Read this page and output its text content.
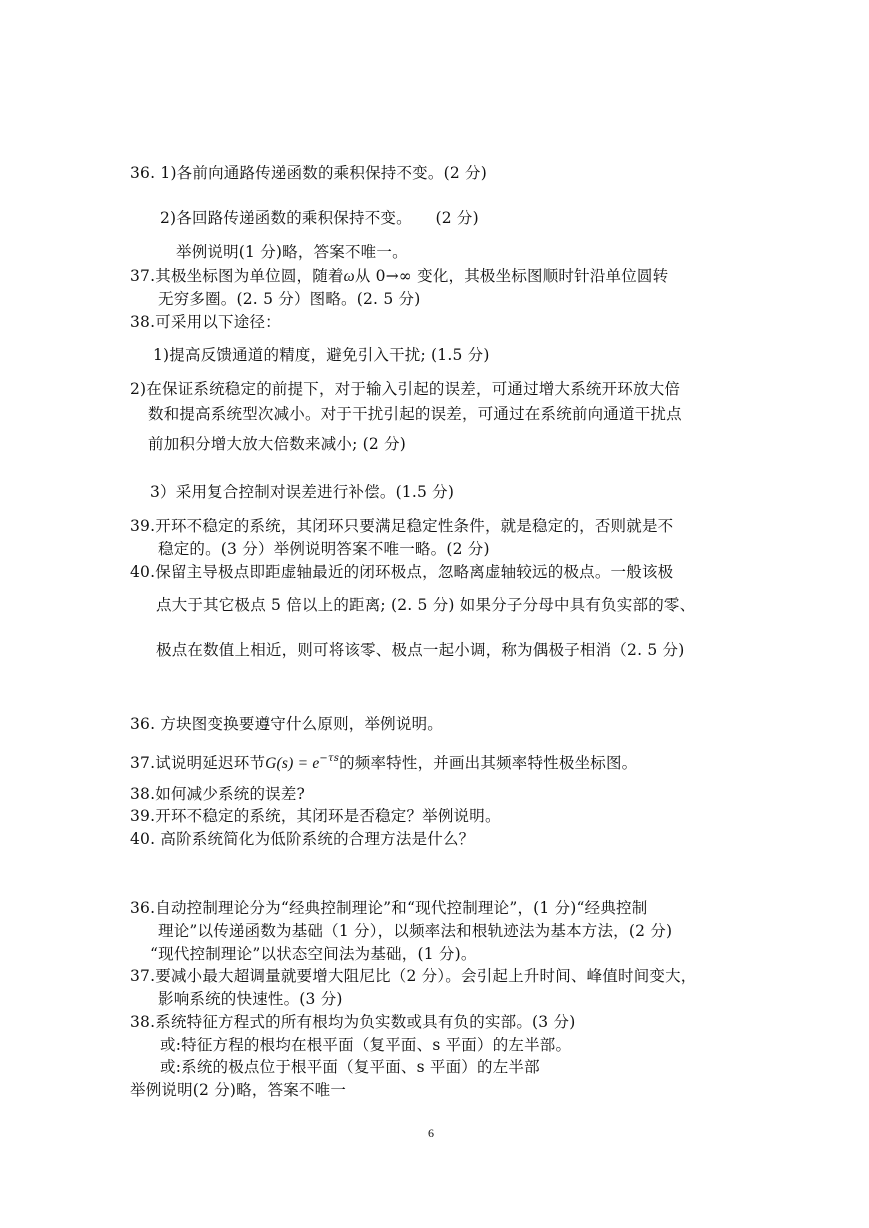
36. 1)各前向通路传递函数的乘积保持不变。(2 分)
2)各回路传递函数的乘积保持不变。　　(2 分)
举例说明(1 分)略，答案不唯一。
37.其极坐标图为单位圆，随着ω从 0→∞ 变化，其极坐标图顺时针沿单位圆转
无穷多圈。(2. 5 分）图略。(2. 5 分)
38.可采用以下途径：
1)提高反馈通道的精度，避免引入干扰; (1.5 分)
2)在保证系统稳定的前提下，对于输入引起的误差，可通过增大系统开环放大倍
数和提高系统型次减小。对于干扰引起的误差，可通过在系统前向通道干扰点
前加积分增大放大倍数来减小; (2 分)
3）采用复合控制对误差进行补偿。(1.5 分)
39.开环不稳定的系统，其闭环只要满足稳定性条件，就是稳定的，否则就是不
稳定的。(3 分）举例说明答案不唯一略。(2 分)
40.保留主导极点即距虚轴最近的闭环极点，忽略离虚轴较远的极点。一般该极
点大于其它极点 5 倍以上的距离; (2. 5 分) 如果分子分母中具有负实部的零、
极点在数值上相近，则可将该零、极点一起小调，称为偶极子相消（2. 5 分)
36. 方块图变换要遵守什么原则，举例说明。
37.试说明延迟环节$G(s) = e^{-\tau s}$的频率特性，并画出其频率特性极坐标图。
38.如何减少系统的误差?
39.开环不稳定的系统，其闭环是否稳定？举例说明。
40. 高阶系统简化为低阶系统的合理方法是什么？
36.自动控制理论分为“经典控制理论”和“现代控制理论”，(1 分)“经典控制
理论”以传递函数为基础（1 分），以频率法和根轨迹法为基本方法，(2 分)
“现代控制理论”以状态空间法为基础，(1 分)。
37.要减小最大超调量就要增大阻尼比（2 分）。会引起上升时间、峰值时间变大，
影响系统的快速性。(3 分)
38.系统特征方程式的所有根均为负实数或具有负的实部。(3 分)
或:特征方程的根均在根平面（复平面、s 平面）的左半部。
或:系统的极点位于根平面（复平面、s 平面）的左半部
举例说明(2 分)略，答案不唯一
6
